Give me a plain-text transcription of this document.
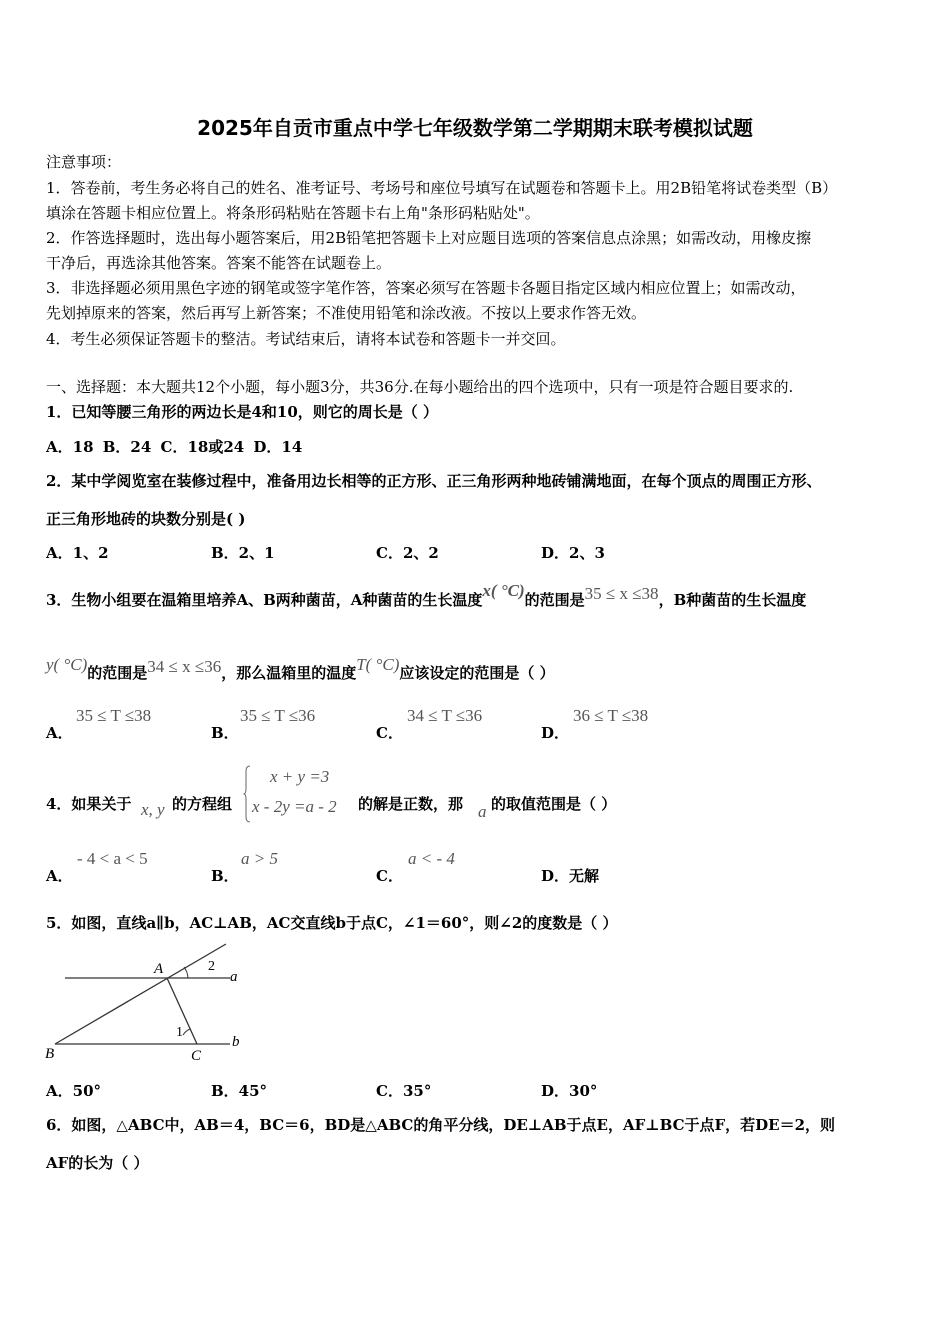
2025年自贡市重点中学七年级数学第二学期期末联考模拟试题
注意事项：
1．答卷前，考生务必将自己的姓名、准考证号、考场号和座位号填写在试题卷和答题卡上。用2B铅笔将试卷类型（B）
填涂在答题卡相应位置上。将条形码粘贴在答题卡右上角"条形码粘贴处"。
2．作答选择题时，选出每小题答案后，用2B铅笔把答题卡上对应题目选项的答案信息点涂黑；如需改动，用橡皮擦
干净后，再选涂其他答案。答案不能答在试题卷上。
3．非选择题必须用黑色字迹的钢笔或签字笔作答，答案必须写在答题卡各题目指定区域内相应位置上；如需改动，
先划掉原来的答案，然后再写上新答案；不准使用铅笔和涂改液。不按以上要求作答无效。
4．考生必须保证答题卡的整洁。考试结束后，请将本试卷和答题卡一并交回。
一、选择题：本大题共12个小题，每小题3分，共36分.在每小题给出的四个选项中，只有一项是符合题目要求的.
1．已知等腰三角形的两边长是4和10，则它的周长是（ ）
A．18 B．24 C．18或24 D．14
2．某中学阅览室在装修过程中，准备用边长相等的正方形、正三角形两种地砖铺满地面，在每个顶点的周围正方形、
正三角形地砖的块数分别是( )
A．1、2	B．2、1	C．2、2	D．2、3
3．生物小组要在温箱里培养A、B两种菌苗，A种菌苗的生长温度x( °C)的范围是35 ≤ x ≤38，B种菌苗的生长温度
y( °C)的范围是34 ≤ x ≤36，那么温箱里的温度T( °C)应该设定的范围是（ ）
A．
35 ≤ T ≤38
B．
35 ≤ T ≤36
C．
34 ≤ T ≤36
D．
36 ≤ T ≤38
4．如果关于 x, y 的方程组
x + y =3
x - 2y =a - 2 的解是正数，那 a 的取值范围是（ ）
A．
- 4 < a < 5
B．
a > 5
C．
a < - 4
D．无解
5．如图，直线a∥b，AC⊥AB，AC交直线b于点C，∠1＝60°，则∠2的度数是（ ）
A
B	C
a
b
1
2
A．50°	B．45°	C．35°	D．30°
6．如图，△ABC中，AB＝4，BC＝6，BD是△ABC的角平分线，DE⊥AB于点E，AF⊥BC于点F，若DE＝2，则
AF的长为（ ）
